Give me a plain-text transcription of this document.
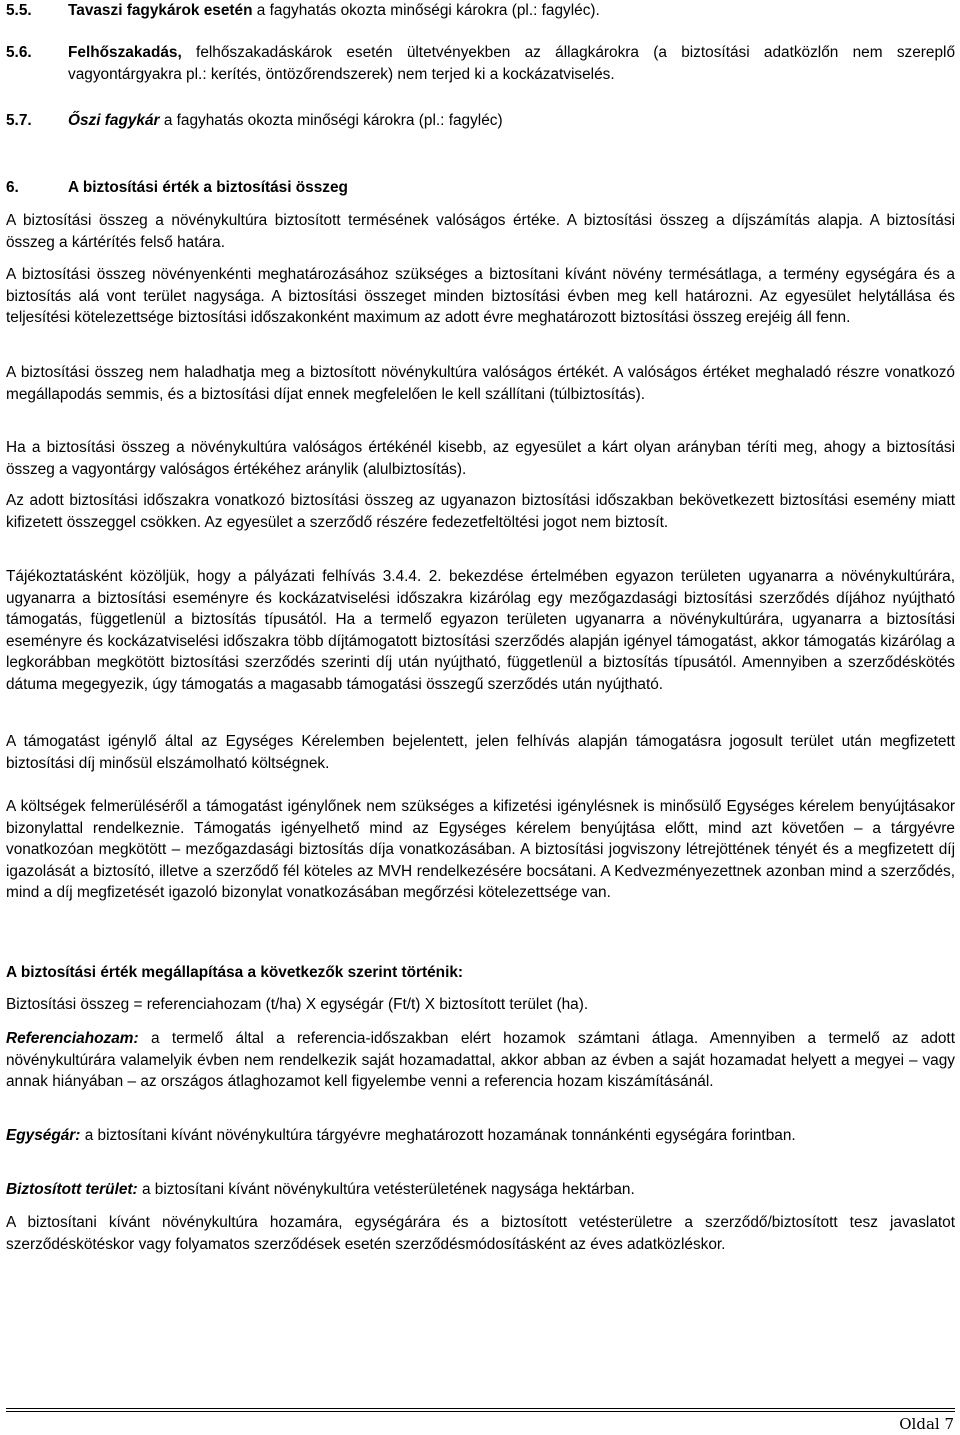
5.5.	Tavaszi fagykárok esetén a fagyhatás okozta minőségi károkra (pl.: fagyléc).
5.6.	Felhőszakadás, felhőszakadáskárok esetén ültetvényekben az állagkárokra (a biztosítási adatközlőn nem szereplő vagyontárgyakra pl.: kerítés, öntözőrendszerek) nem terjed ki a kockázatviselés.
5.7.	Őszi fagykár a fagyhatás okozta minőségi károkra (pl.: fagyléc)
6.	A biztosítási érték a biztosítási összeg

A biztosítási összeg a növénykultúra biztosított termésének valóságos értéke. A biztosítási összeg a díjszámítás alapja. A biztosítási összeg a kártérítés felső határa.

A biztosítási összeg növényenkénti meghatározásához szükséges a biztosítani kívánt növény termésátlaga, a termény egységára és a biztosítás alá vont terület nagysága. A biztosítási összeget minden biztosítási évben meg kell határozni. Az egyesület helytállása és teljesítési kötelezettsége biztosítási időszakonként maximum az adott évre meghatározott biztosítási összeg erejéig áll fenn.

A biztosítási összeg nem haladhatja meg a biztosított növénykultúra valóságos értékét. A valóságos értéket meghaladó részre vonatkozó megállapodás semmis, és a biztosítási díjat ennek megfelelően le kell szállítani (túlbiztosítás).

Ha a biztosítási összeg a növénykultúra valóságos értékénél kisebb, az egyesület a kárt olyan arányban téríti meg, ahogy a biztosítási összeg a vagyontárgy valóságos értékéhez aránylik (alulbiztosítás).

Az adott biztosítási időszakra vonatkozó biztosítási összeg az ugyanazon biztosítási időszakban bekövetkezett biztosítási esemény miatt kifizetett összeggel csökken. Az egyesület a szerződő részére fedezetfeltöltési jogot nem biztosít.

Tájékoztatásként közöljük, hogy a pályázati felhívás 3.4.4. 2. bekezdése értelmében egyazon területen ugyanarra a növénykultúrára, ugyanarra a biztosítási eseményre és kockázatviselési időszakra kizárólag egy mezőgazdasági biztosítási szerződés díjához nyújtható támogatás, függetlenül a biztosítás típusától. Ha a termelő egyazon területen ugyanarra a növénykultúrára, ugyanarra a biztosítási eseményre és kockázatviselési időszakra több díjtámogatott biztosítási szerződés alapján igényel támogatást, akkor támogatás kizárólag a legkorábban megkötött biztosítási szerződés szerinti díj után nyújtható, függetlenül a biztosítás típusától. Amennyiben a szerződéskötés dátuma megegyezik, úgy támogatás a magasabb támogatási összegű szerződés után nyújtható.

A támogatást igénylő által az Egységes Kérelemben bejelentett, jelen felhívás alapján támogatásra jogosult terület után megfizetett biztosítási díj minősül elszámolható költségnek.

A költségek felmerüléséről a támogatást igénylőnek nem szükséges a kifizetési igénylésnek is minősülő Egységes kérelem benyújtásakor bizonylattal rendelkeznie. Támogatás igényelhető mind az Egységes kérelem benyújtása előtt, mind azt követően – a tárgyévre vonatkozóan megkötött – mezőgazdasági biztosítás díja vonatkozásában. A biztosítási jogviszony létrejöttének tényét és a megfizetett díj igazolását a biztosító, illetve a szerződő fél köteles az MVH rendelkezésére bocsátani. A Kedvezményezettnek azonban mind a szerződés, mind a díj megfizetését igazoló bizonylat vonatkozásában megőrzési kötelezettsége van.

A biztosítási érték megállapítása a következők szerint történik:

Biztosítási összeg = referenciahozam (t/ha) X egységár (Ft/t) X biztosított terület (ha).

Referenciahozam: a termelő által a referencia-időszakban elért hozamok számtani átlaga. Amennyiben a termelő az adott növénykultúrára valamelyik évben nem rendelkezik saját hozamadattal, akkor abban az évben a saját hozamadat helyett a megyei – vagy annak hiányában – az országos átlaghozamot kell figyelembe venni a referencia hozam kiszámításánál.

Egységár: a biztosítani kívánt növénykultúra tárgyévre meghatározott hozamának tonnánkénti egységára forintban.

Biztosított terület: a biztosítani kívánt növénykultúra vetésterületének nagysága hektárban.

A biztosítani kívánt növénykultúra hozamára, egységárára és a biztosított vetésterületre a szerződő/biztosított tesz javaslatot szerződéskötéskor vagy folyamatos szerződések esetén szerződésmódosításként az éves adatközléskor.

Oldal 7
